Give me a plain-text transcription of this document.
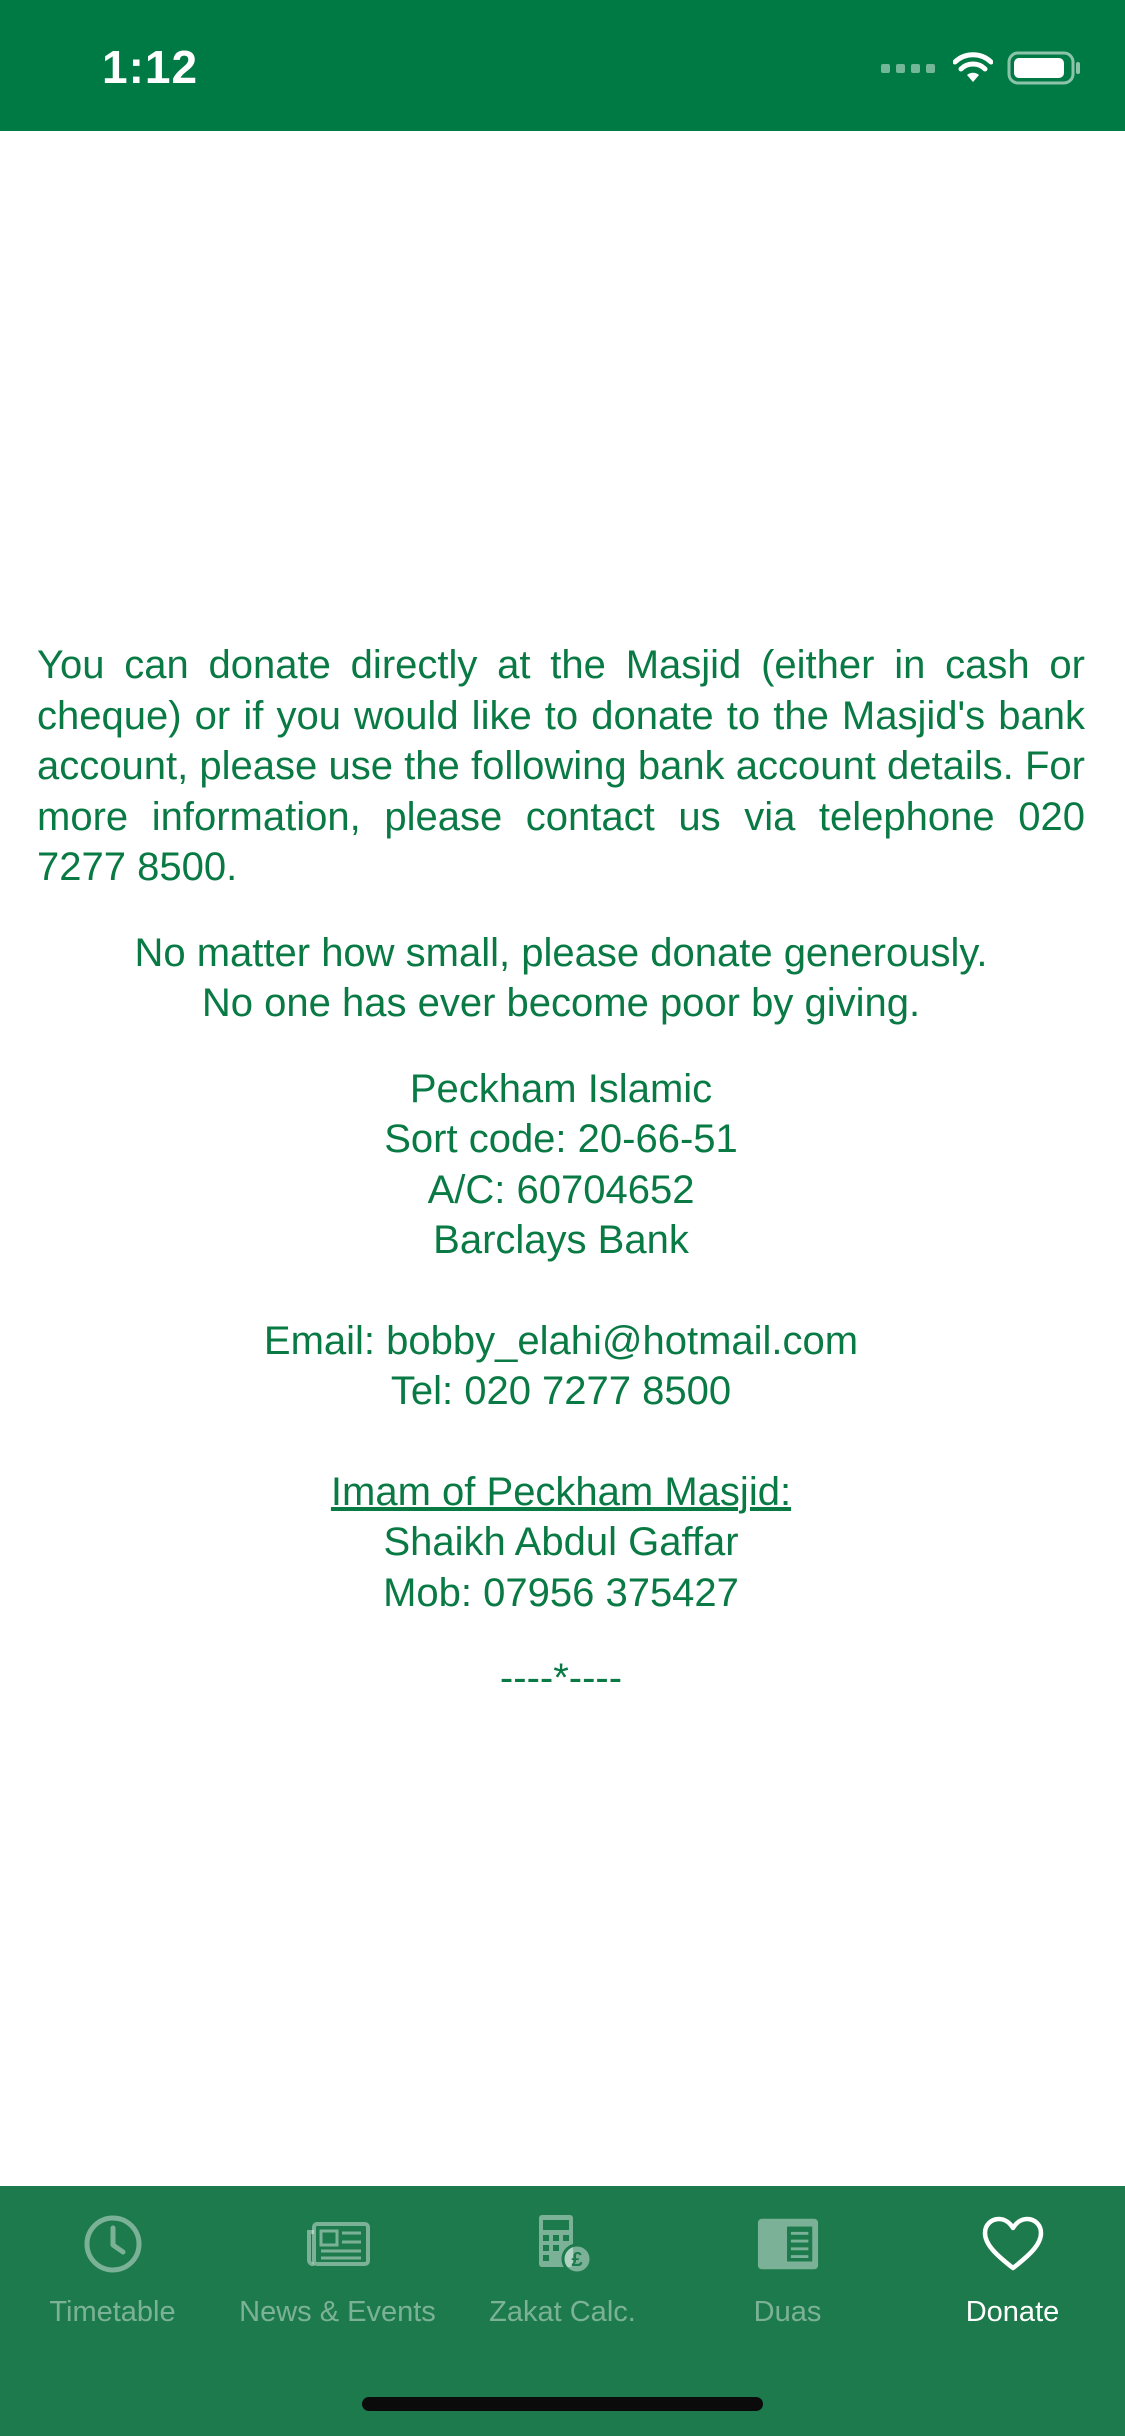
1:12

You can donate directly at the Masjid (either in cash or cheque) or if you would like to donate to the Masjid's bank account, please use the following bank account details. For more information, please contact us via telephone 020 7277 8500.

No matter how small, please donate generously.
No one has ever become poor by giving.
Peckham Islamic
Sort code: 20-66-51
A/C: 60704652
Barclays Bank
Email: bobby_elahi@hotmail.com
Tel: 020 7277 8500
Imam of Peckham Masjid:
Shaikh Abdul Gaffar
Mob: 07956 375427
----*----
Timetable News & Events
£
Zakat Calc.	Duas	Donate
